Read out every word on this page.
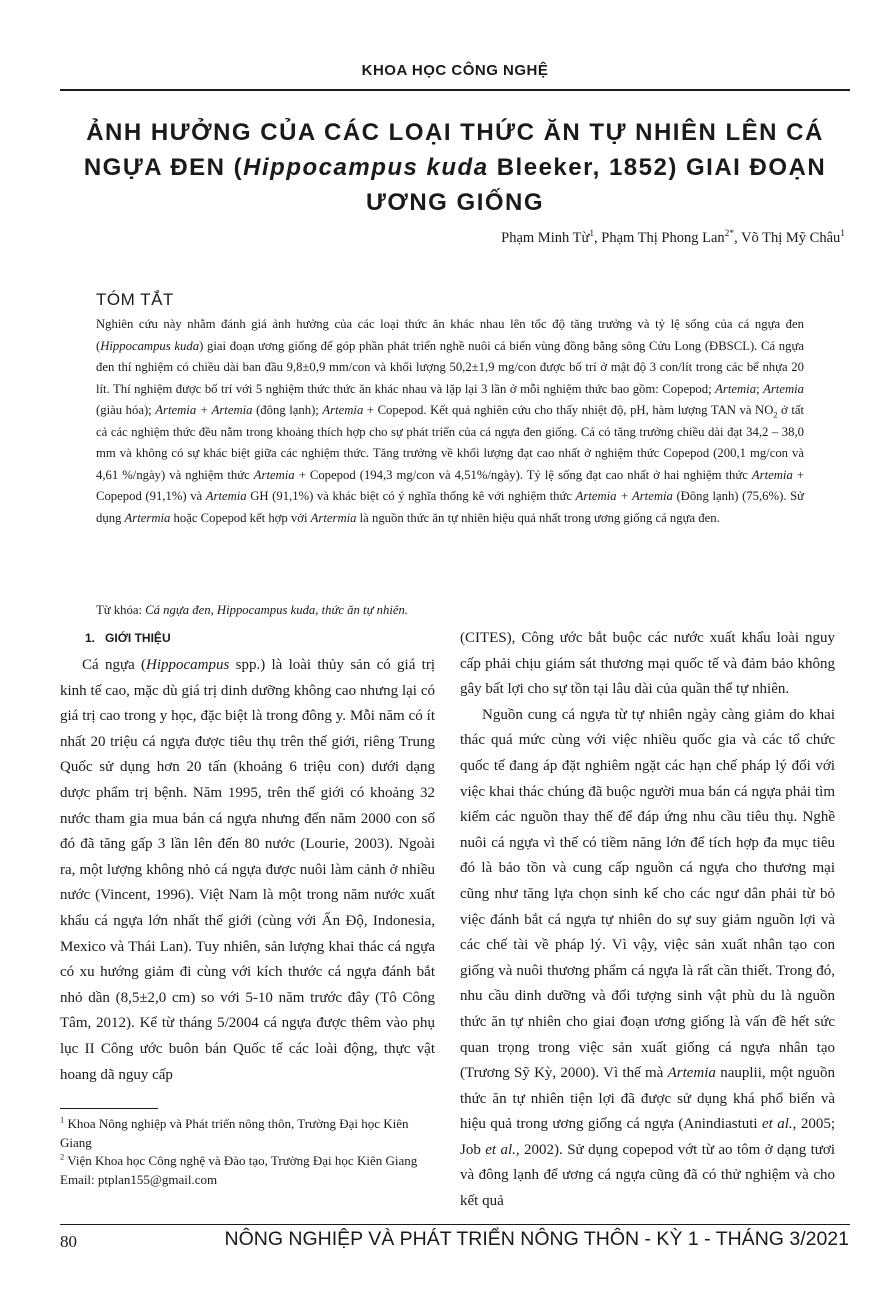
KHOA HỌC CÔNG NGHỆ
ẢNH HƯỞNG CỦA CÁC LOẠI THỨC ĂN TỰ NHIÊN LÊN CÁ NGỰA ĐEN (Hippocampus kuda Bleeker, 1852) GIAI ĐOẠN ƯƠNG GIỐNG
Phạm Minh Từ$^1$, Phạm Thị Phong Lan$^{2*}$, Võ Thị Mỹ Châu$^1$
TÓM TẮT

Nghiên cứu này nhằm đánh giá ảnh hưởng của các loại thức ăn khác nhau lên tốc độ tăng trưởng và tỷ lệ sống của cá ngựa đen (Hippocampus kuda) giai đoạn ương giống để góp phần phát triển nghề nuôi cá biển vùng đồng bằng sông Cửu Long (ĐBSCL). Cá ngựa đen thí nghiệm có chiều dài ban đầu 9,8±0,9 mm/con và khối lượng 50,2±1,9 mg/con được bố trí ở mật độ 3 con/lít trong các bể nhựa 20 lít. Thí nghiệm được bố trí với 5 nghiệm thức thức ăn khác nhau và lặp lại 3 lần ở mỗi nghiệm thức bao gồm: Copepod; Artemia; Artemia (giàu hóa); Artemia + Artemia (đông lạnh); Artemia + Copepod. Kết quả nghiên cứu cho thấy nhiệt độ, pH, hàm lượng TAN và $NO_2$ ở tất cả các nghiệm thức đều nằm trong khoảng thích hợp cho sự phát triển của cá ngựa đen giống. Cá có tăng trưởng chiều dài đạt 34,2 – 38,0 mm và không có sự khác biệt giữa các nghiệm thức. Tăng trưởng về khối lượng đạt cao nhất ở nghiệm thức Copepod (200,1 mg/con và 4,61 %/ngày) và nghiệm thức Artemia + Copepod (194,3 mg/con và 4,51%/ngày). Tỷ lệ sống đạt cao nhất ở hai nghiệm thức Artemia + Copepod (91,1%) và Artemia GH (91,1%) và khác biệt có ý nghĩa thống kê với nghiệm thức Artemia + Artemia (Đông lạnh) (75,6%). Sử dụng Artermia hoặc Copepod kết hợp với Artermia là nguồn thức ăn tự nhiên hiệu quả nhất trong ương giống cá ngựa đen.

Từ khóa: Cá ngựa đen, Hippocampus kuda, thức ăn tự nhiên.
1. GIỚI THIỆU

Cá ngựa (Hippocampus spp.) là loài thủy sản có giá trị kinh tế cao, mặc dù giá trị dinh dưỡng không cao nhưng lại có giá trị cao trong y học, đặc biệt là trong đông y. Mỗi năm có ít nhất 20 triệu cá ngựa được tiêu thụ trên thế giới, riêng Trung Quốc sử dụng hơn 20 tấn (khoảng 6 triệu con) dưới dạng dược phẩm trị bệnh. Năm 1995, trên thế giới có khoảng 32 nước tham gia mua bán cá ngựa nhưng đến năm 2000 con số đó đã tăng gấp 3 lần lên đến 80 nước (Lourie, 2003). Ngoài ra, một lượng không nhỏ cá ngựa được nuôi làm cảnh ở nhiều nước (Vincent, 1996). Việt Nam là một trong năm nước xuất khẩu cá ngựa lớn nhất thế giới (cùng với Ấn Độ, Indonesia, Mexico và Thái Lan). Tuy nhiên, sản lượng khai thác cá ngựa có xu hướng giảm đi cùng với kích thước cá ngựa đánh bắt nhỏ dần (8,5±2,0 cm) so với 5-10 năm trước đây (Tô Công Tâm, 2012). Kể từ tháng 5/2004 cá ngựa được thêm vào phụ lục II Công ước buôn bán Quốc tế các loài động, thực vật hoang dã nguy cấp

(CITES), Công ước bắt buộc các nước xuất khẩu loài nguy cấp phải chịu giám sát thương mại quốc tế và đảm bảo không gây bất lợi cho sự tồn tại lâu dài của quần thể tự nhiên.

Nguồn cung cá ngựa từ tự nhiên ngày càng giảm do khai thác quá mức cùng với việc nhiều quốc gia và các tổ chức quốc tế đang áp đặt nghiêm ngặt các hạn chế pháp lý đối với việc khai thác chúng đã buộc người mua bán cá ngựa phải tìm kiếm các nguồn thay thế để đáp ứng nhu cầu tiêu thụ. Nghề nuôi cá ngựa vì thế có tiềm năng lớn để tích hợp đa mục tiêu đó là bảo tồn và cung cấp nguồn cá ngựa cho thương mại cũng như tăng lựa chọn sinh kế cho các ngư dân phải từ bỏ việc đánh bắt cá ngựa tự nhiên do sự suy giảm nguồn lợi và các chế tài về pháp lý. Vì vậy, việc sản xuất nhân tạo con giống và nuôi thương phẩm cá ngựa là rất cần thiết. Trong đó, nhu cầu dinh dưỡng và đối tượng sinh vật phù du là nguồn thức ăn tự nhiên cho giai đoạn ương giống là vấn đề hết sức quan trọng trong việc sản xuất giống cá ngựa nhân tạo (Trương Sỹ Kỳ, 2000). Vì thế mà Artemia nauplii, một nguồn thức ăn tự nhiên tiện lợi đã được sử dụng khá phổ biến và hiệu quả trong ương giống cá ngựa (Anindiastuti et al., 2005; Job et al., 2002). Sử dụng copepod vớt từ ao tôm ở dạng tươi và đông lạnh để ương cá ngựa cũng đã có thử nghiệm và cho kết quả

$^1$ Khoa Nông nghiệp và Phát triển nông thôn, Trường Đại học Kiên Giang

$^2$ Viện Khoa học Công nghệ và Đào tạo, Trường Đại học Kiên Giang

Email: ptplan155@gmail.com

80	NÔNG NGHIỆP VÀ PHÁT TRIỂN NÔNG THÔN - KỲ 1 - THÁNG 3/2021
